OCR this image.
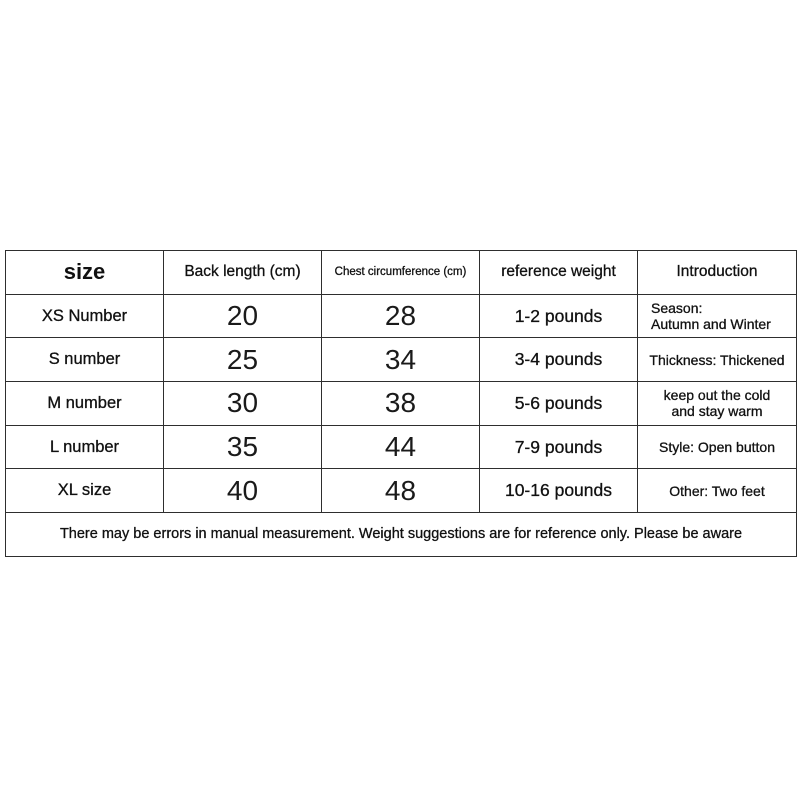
size	Back length (cm)	Chest circumference (cm)	reference weight	Introduction
XS Number	20	28	1-2 pounds	Season:
Autumn and Winter

S number	25	34	3-4 pounds	Thickness: Thickened

M number	30	38	5-6 pounds	keep out the cold
and stay warm

L number	35	44	7-9 pounds	Style: Open button

XL size	40	48	10-16 pounds	Other: Two feet

There may be errors in manual measurement. Weight suggestions are for reference only. Please be aware				
